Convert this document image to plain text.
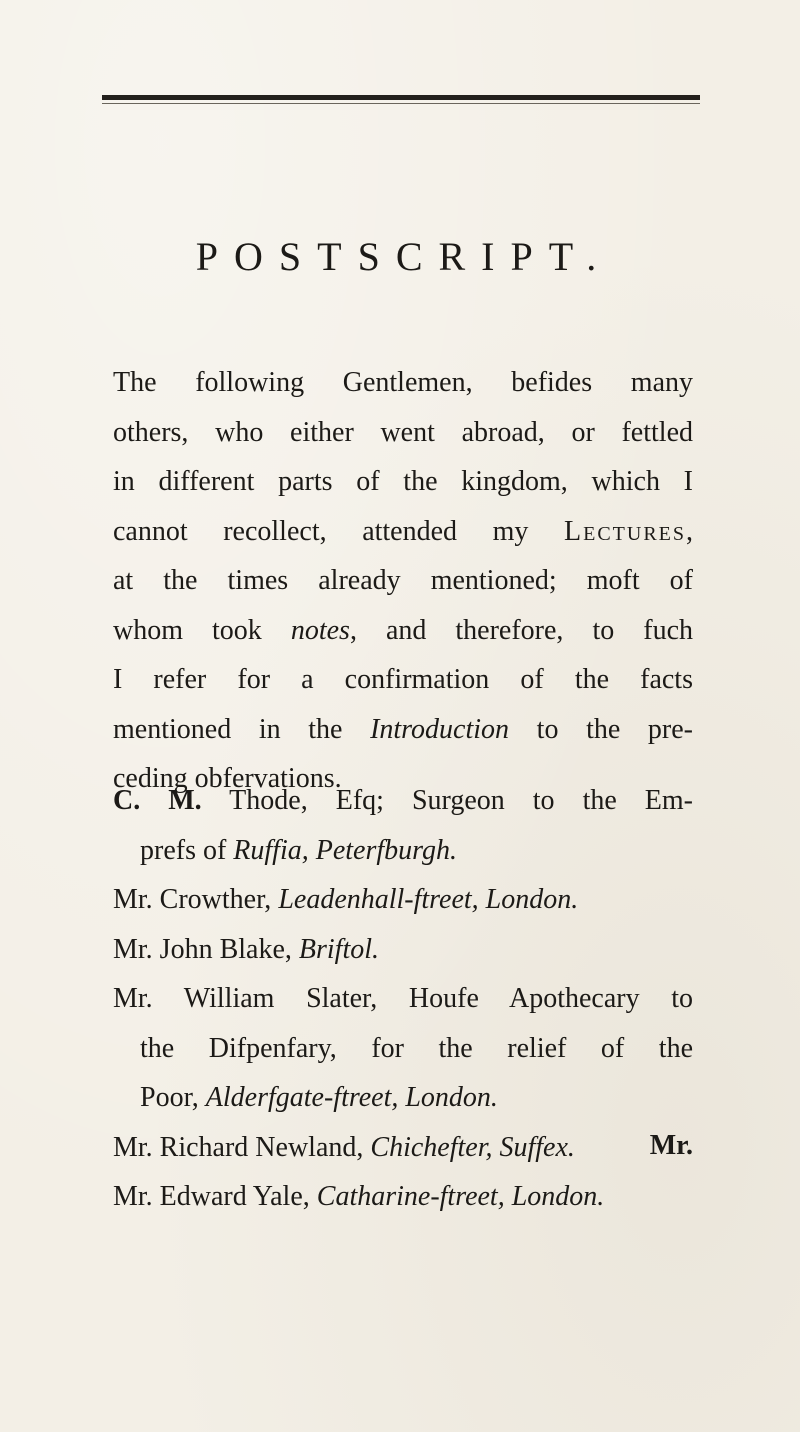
POSTSCRIPT.

The following Gentlemen, befides many
others, who either went abroad, or fettled
in different parts of the kingdom, which I
cannot recollect, attended my Lectures,
at the times already mentioned; moft of
whom took notes, and therefore, to fuch
I refer for a confirmation of the facts
mentioned in the Introduction to the pre-
ceding obfervations.

C. M. Thode, Efq; Surgeon to the Em-
prefs of Ruffia, Peterfburgh.
Mr. Crowther, Leadenhall-ftreet, London.
Mr. John Blake, Briftol.
Mr. William Slater, Houfe Apothecary to
the Difpenfary, for the relief of the
Poor, Alderfgate-ftreet, London.
Mr. Richard Newland, Chichefter, Suffex.
Mr. Edward Yale, Catharine-ftreet, London.
Mr.
